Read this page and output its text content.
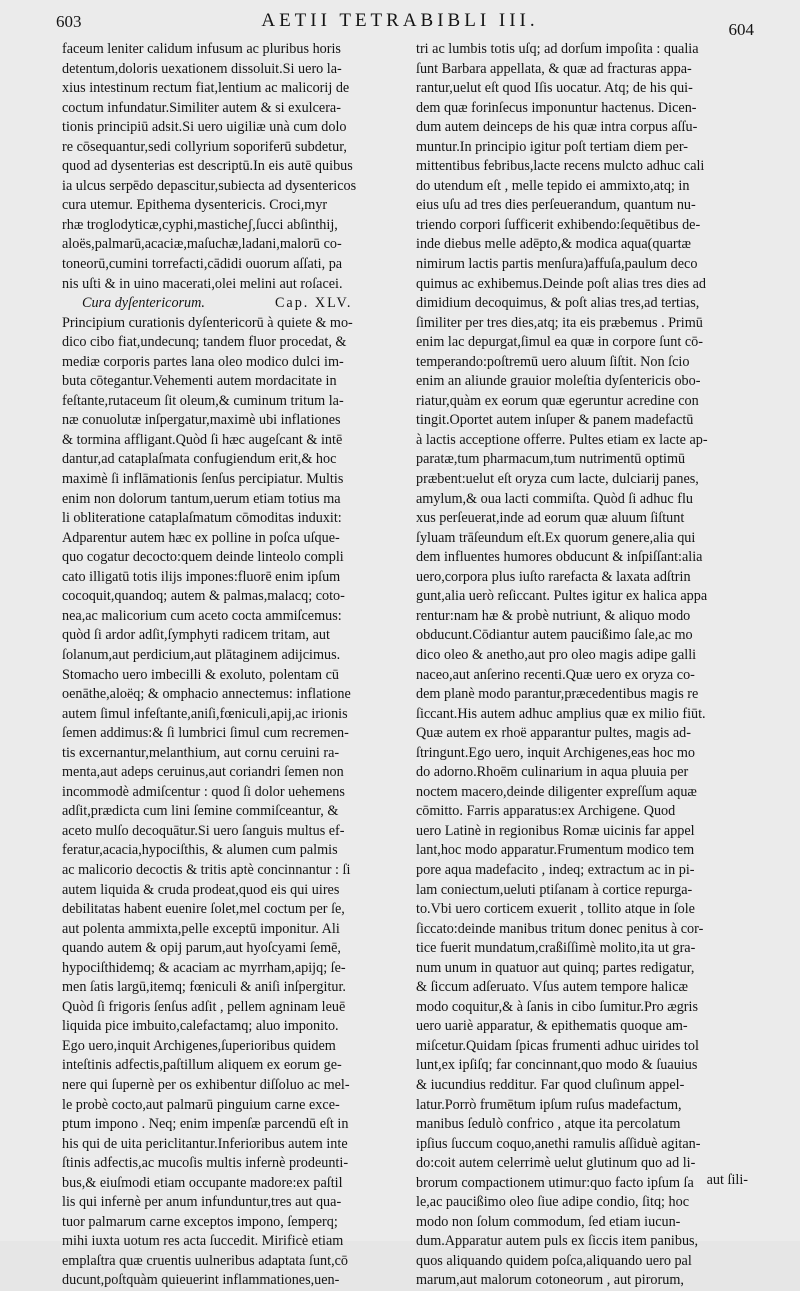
603	AETII TETRABIBLI III.	604
faceum leniter calidum infusum ac pluribus horis
detentum,doloris uexationem dissoluit.Si uero la-
xius intestinum rectum fiat,lentium ac malicorij de
coctum infundatur.Similiter autem & si exulcera-
tionis principiū adsit.Si uero uigiliæ unà cum dolo
re cōsequantur,sedi collyrium soporiferū subdetur,
quod ad dysenterias est descriptū.In eis autē quibus
ia ulcus serpēdo depascitur,subiecta ad dysentericos
cura utemur. Epithema dysentericis. Croci,myr
rhæ troglodyticæ,cyphi,masticheʃ,ſucci abſinthij,
aloës,palmarū,acaciæ,maſuchæ,ladani,malorū co-
toneorū,cumini torrefacti,cādidi ouorum aſſati, pa
nis uſti & in uino macerati,olei melini aut roſacei.
Cura dyſentericorum.	Cap. XLV.
Principium curationis dyſentericorū à quiete & mo-
dico cibo fiat,undecunq; tandem fluor procedat, &
mediæ corporis partes lana oleo modico dulci im-
buta cōtegantur.Vehementi autem mordacitate in
feſtante,rutaceum ſit oleum,& cuminum tritum la-
næ conuolutæ inſpergatur,maximè ubi inflationes
& tormina affligant.Quòd ſi hæc augeſcant & intē
dantur,ad cataplaſmata confugiendum erit,& hoc
maximè ſi inflāmationis ſenſus percipiatur. Multis
enim non dolorum tantum,uerum etiam totius ma
li obliteratione cataplaſmatum cōmoditas induxit:
Adparentur autem hæc ex polline in poſca uſque-
quo cogatur decocto:quem deinde linteolo compli
cato illigatū totis ilijs impones:fluorē enim ipſum
cocoquit,quandoq; autem & palmas,malacq; coto-
nea,ac malicorium cum aceto cocta ammiſcemus:
quòd ſi ardor adſit,ſymphyti radicem tritam, aut
ſolanum,aut perdicium,aut plātaginem adijcimus.
Stomacho uero imbecilli & exoluto, polentam cū
oenāthe,aloëq; & omphacio annectemus: inflatione
autem ſimul infeſtante,aniſi,fœniculi,apij,ac irionis
ſemen addimus:& ſi lumbrici ſimul cum recremen-
tis excernantur,melanthium, aut cornu ceruini ra-
menta,aut adeps ceruinus,aut coriandri ſemen non
incommodè admiſcentur : quod ſi dolor uehemens
adſit,prædicta cum lini ſemine commiſceantur, &
aceto mulſo decoquātur.Si uero ſanguis multus ef-
feratur,acacia,hypociſthis, & alumen cum palmis
ac malicorio decoctis & tritis aptè concinnantur : ſi
autem liquida & cruda prodeat,quod eis qui uires
debilitatas habent euenire ſolet,mel coctum per ſe,
aut polenta ammixta,pelle exceptū imponitur. Ali
quando autem & opij parum,aut hyoſcyami ſemē,
hypociſthidemq; & acaciam ac myrrham,apijq; ſe-
men ſatis largū,itemq; fœniculi & aniſi inſpergitur.
Quòd ſi frigoris ſenſus adſit , pellem agninam leuē
liquida pice imbuito,calefactamq; aluo imponito.
Ego uero,inquit Archigenes,ſuperioribus quidem
inteſtinis adfectis,paſtillum aliquem ex eorum ge-
nere qui ſupernè per os exhibentur diſſoluo ac mel-
le probè cocto,aut palmarū pinguium carne exce-
ptum impono . Neq; enim impenſæ parcendū eſt in
his qui de uita periclitantur.Inferioribus autem inte
ſtinis adfectis,ac mucoſis multis infernè prodeunti-
bus,& eiuſmodi etiam occupante madore:ex paſtil
lis qui infernè per anum infunduntur,tres aut qua-
tuor palmarum carne exceptos impono, ſemperq;
mihi iuxta uotum res acta ſuccedit. Mirificè etiam
emplaſtra quæ cruentis uulneribus adaptata ſunt,cō
ducunt,poſtquàm quieuerint inflammationes,uen-
tri ac lumbis totis uſq; ad dorſum impoſita : qualia
ſunt Barbara appellata, & quæ ad fracturas appa-
rantur,uelut eſt quod Iſis uocatur. Atq; de his qui-
dem quæ forinſecus imponuntur hactenus. Dicen-
dum autem deinceps de his quæ intra corpus aſſu-
muntur.In principio igitur poſt tertiam diem per-
mittentibus febribus,lacte recens mulcto adhuc cali
do utendum eſt , melle tepido ei ammixto,atq; in
eius uſu ad tres dies perſeuerandum, quantum nu-
triendo corpori ſufficerit exhibendo:ſequētibus de-
inde diebus melle adēpto,& modica aqua(quartæ
nimirum lactis partis menſura)affuſa,paulum deco
quimus ac exhibemus.Deinde poſt alias tres dies ad
dimidium decoquimus, & poſt alias tres,ad tertias,
ſimiliter per tres dies,atq; ita eis præbemus . Primū
enim lac depurgat,ſimul ea quæ in corpore ſunt cō-
temperando:poſtremū uero aluum ſiſtit. Non ſcio
enim an aliunde grauior moleſtia dyſentericis obo-
riatur,quàm ex eorum quæ egeruntur acredine con
tingit.Oportet autem inſuper & panem madefactū
à lactis acceptione offerre. Pultes etiam ex lacte ap-
paratæ,tum pharmacum,tum nutrimentū optimū
præbent:uelut eſt oryza cum lacte, dulciarij panes,
amylum,& oua lacti commiſta. Quòd ſi adhuc flu
xus perſeuerat,inde ad eorum quæ aluum ſiſtunt
ſyluam trāſeundum eſt.Ex quorum genere,alia qui
dem influentes humores obducunt & inſpiſſant:alia
uero,corpora plus iuſto rarefacta & laxata adſtrin
gunt,alia uerò reſiccant. Pultes igitur ex halica appa
rentur:nam hæ & probè nutriunt, & aliquo modo
obducunt.Cōdiantur autem paucißimo ſale,ac mo
dico oleo & anetho,aut pro oleo magis adipe galli
naceo,aut anſerino recenti.Quæ uero ex oryza co-
dem planè modo parantur,præcedentibus magis re
ſiccant.His autem adhuc amplius quæ ex milio fiūt.
Quæ autem ex rhoë apparantur pultes, magis ad-
ſtringunt.Ego uero, inquit Archigenes,eas hoc mo
do adorno.Rhoēm culinarium in aqua pluuia per
noctem macero,deinde diligenter expreſſum aquæ
cōmitto. Farris apparatus:ex Archigene. Quod
uero Latinè in regionibus Romæ uicinis far appel
lant,hoc modo apparatur.Frumentum modico tem
pore aqua madefacito , indeq; extractum ac in pi-
lam coniectum,ueluti ptiſanam à cortice repurga-
to.Vbi uero corticem exuerit , tollito atque in ſole
ſiccato:deinde manibus tritum donec penitus à cor-
tice fuerit mundatum,craßiſſimè molito,ita ut gra-
num unum in quatuor aut quinq; partes redigatur,
& ſiccum adſeruato. Vſus autem tempore halicæ
modo coquitur,& à ſanis in cibo ſumitur.Pro ægris
uero uariè apparatur, & epithematis quoque am-
miſcetur.Quidam ſpicas frumenti adhuc uirides tol
lunt,ex ipſiſq; far concinnant,quo modo & ſuauius
& iucundius redditur. Far quod cluſinum appel-
latur.Porrò frumētum ipſum ruſus madefactum,
manibus ſedulò confrico , atque ita percolatum
ipſius ſuccum coquo,anethi ramulis aſſiduè agitan-
do:coit autem celerrimè uelut glutinum quo ad li-
brorum compactionem utimur:quo facto ipſum ſa
le,ac paucißimo oleo ſiue adipe condio, ſitq; hoc
modo non ſolum commodum, ſed etiam iucun-
dum.Apparatur autem puls ex ſiccis item panibus,
quos aliquando quidem poſca,aliquando uero pal
marum,aut malorum cotoneorum , aut pirorum,
aut ſili-
